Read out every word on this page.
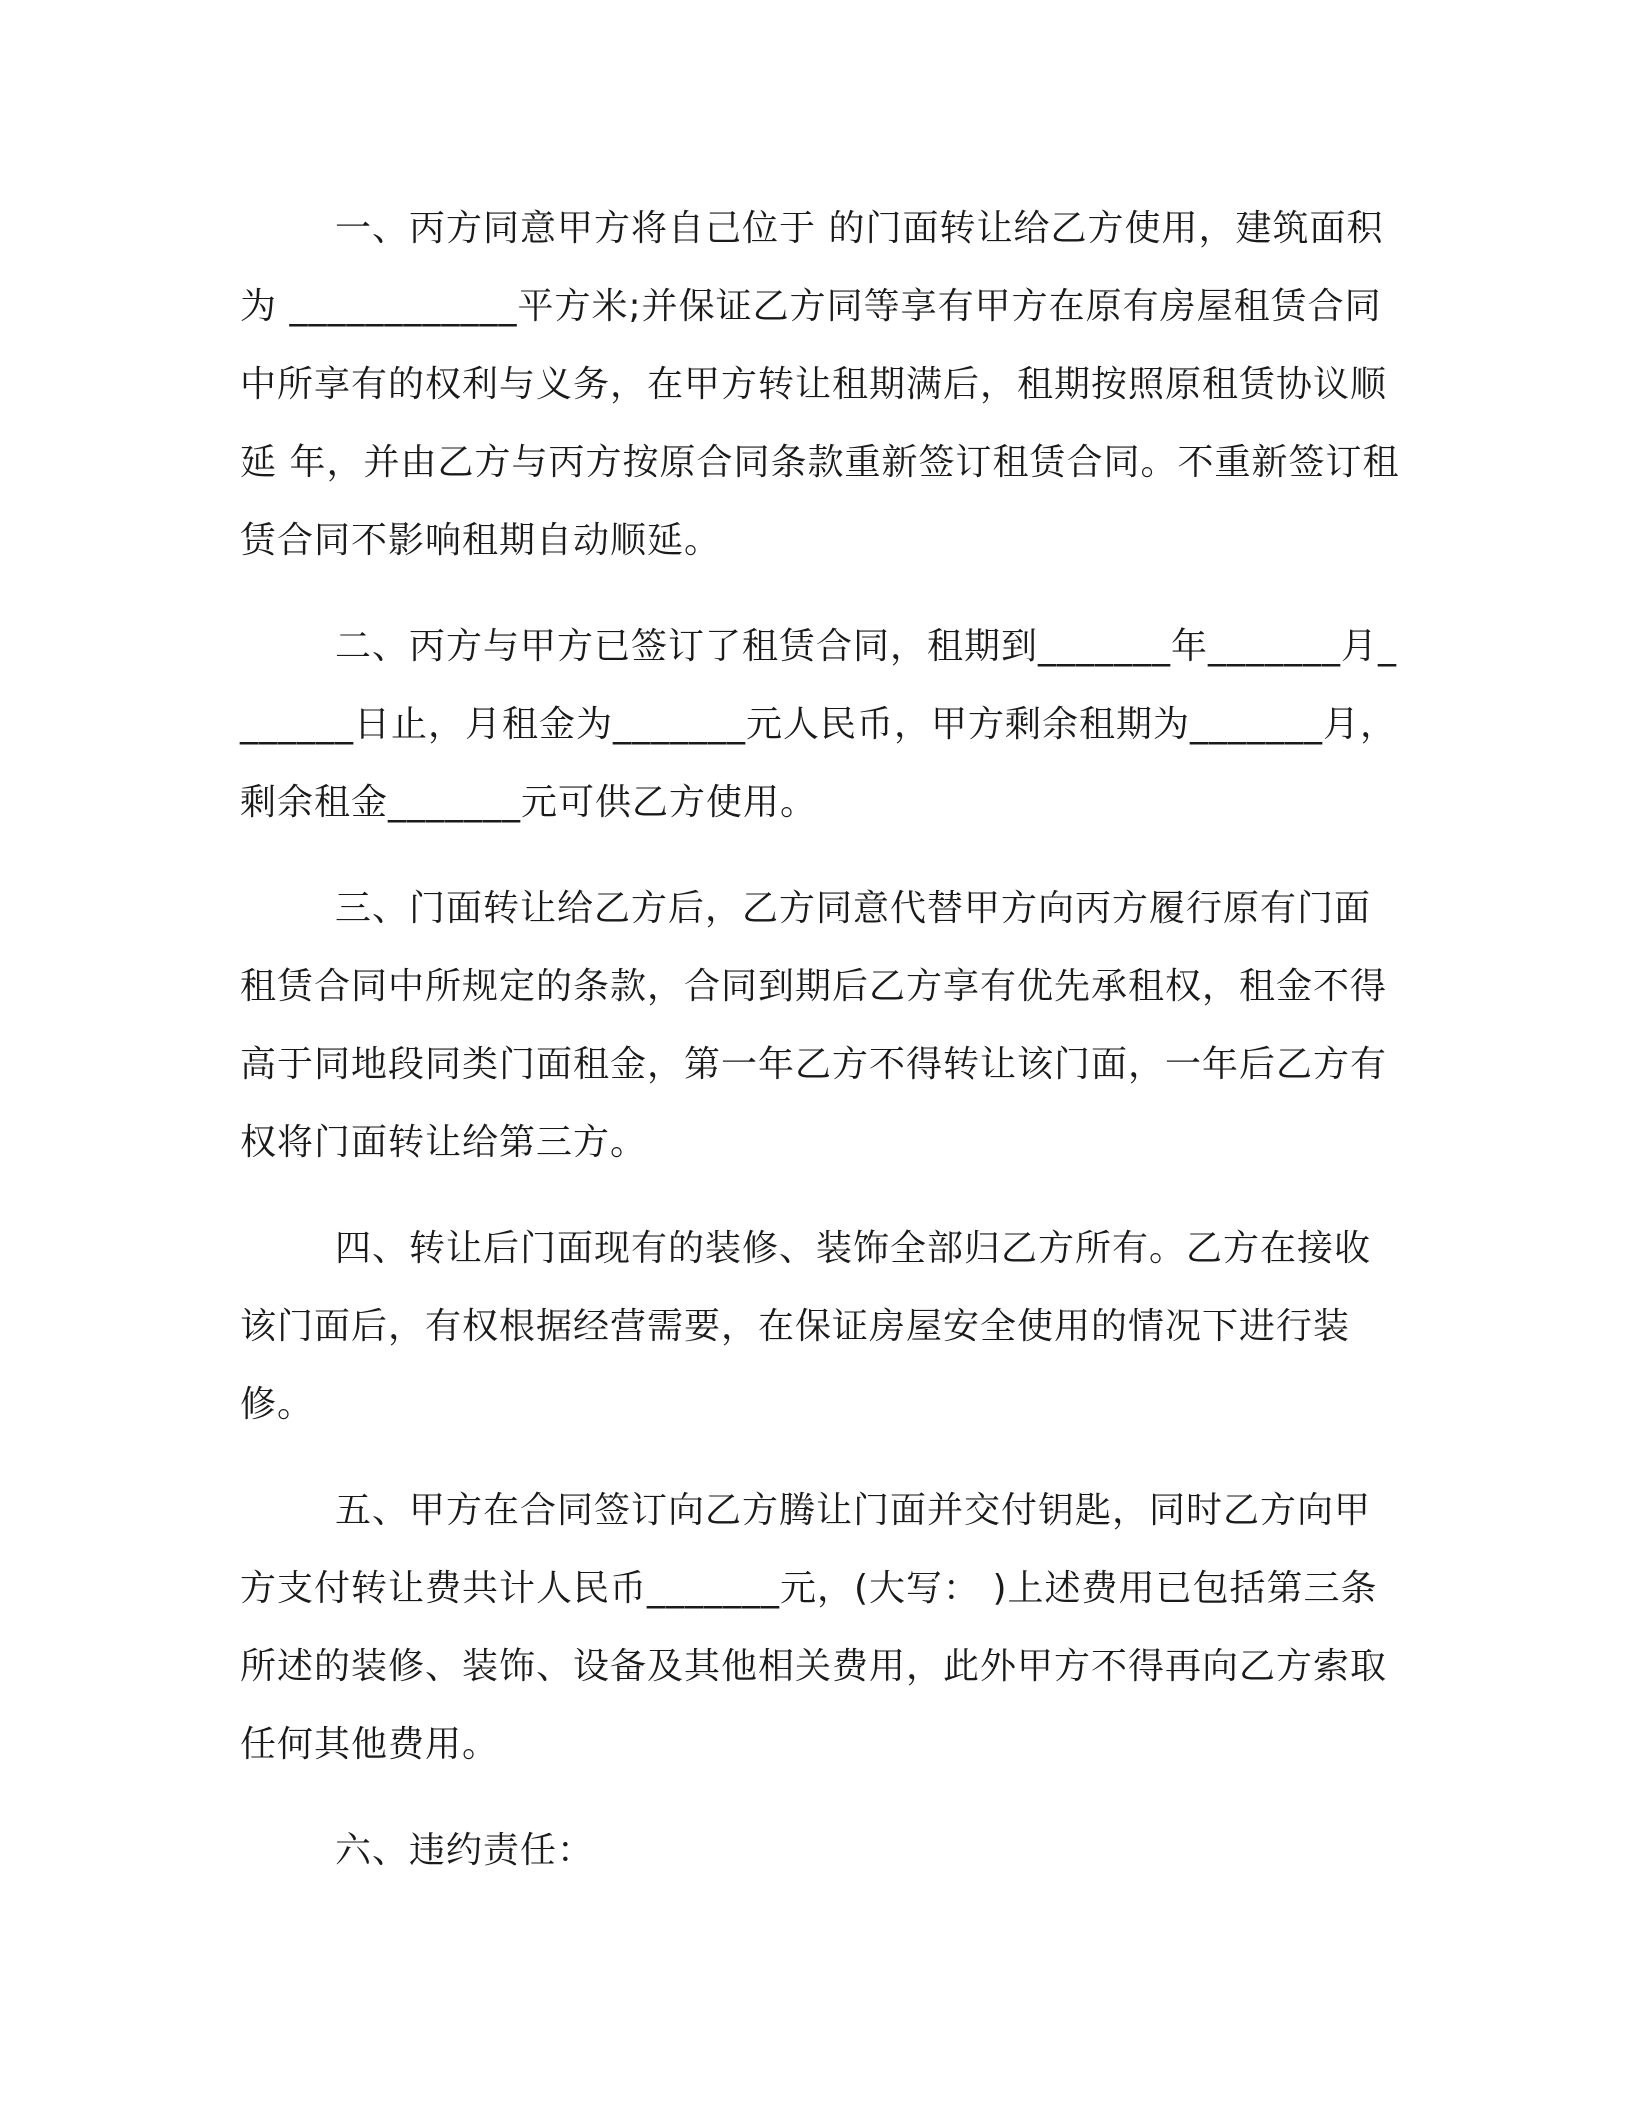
一、丙方同意甲方将自己位于 的门面转让给乙方使用，建筑面积为 ____________平方米;并保证乙方同等享有甲方在原有房屋租赁合同中所享有的权利与义务，在甲方转让租期满后，租期按照原租赁协议顺延 年，并由乙方与丙方按原合同条款重新签订租赁合同。不重新签订租赁合同不影响租期自动顺延。

二、丙方与甲方已签订了租赁合同，租期到_______年_______月_______日止，月租金为_______元人民币，甲方剩余租期为_______月，剩余租金_______元可供乙方使用。

三、门面转让给乙方后，乙方同意代替甲方向丙方履行原有门面租赁合同中所规定的条款，合同到期后乙方享有优先承租权，租金不得高于同地段同类门面租金，第一年乙方不得转让该门面，一年后乙方有权将门面转让给第三方。

四、转让后门面现有的装修、装饰全部归乙方所有。乙方在接收该门面后，有权根据经营需要，在保证房屋安全使用的情况下进行装修。

五、甲方在合同签订向乙方腾让门面并交付钥匙，同时乙方向甲方支付转让费共计人民币_______元，(大写： )上述费用已包括第三条所述的装修、装饰、设备及其他相关费用，此外甲方不得再向乙方索取任何其他费用。

六、违约责任：
